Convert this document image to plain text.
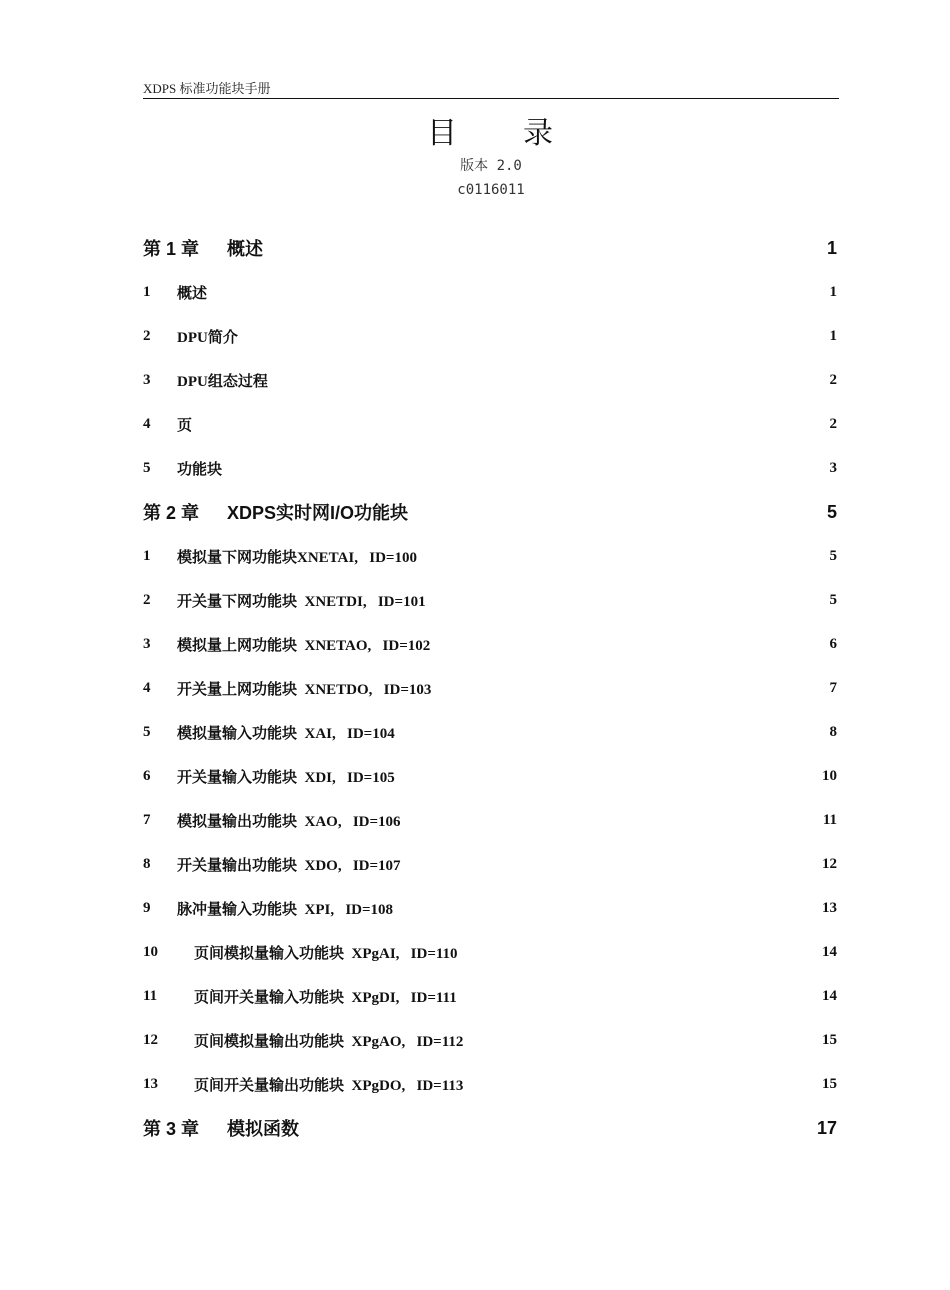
XDPS 标准功能块手册
目　　录
版本 2.0
c0116011
第 1 章	概述	1
1	概述	1
2	DPU简介	1
3	DPU组态过程	2
4	页	2
5	功能块	3
第 2 章	XDPS实时网I/O功能块	5
1	模拟量下网功能块XNETAI,   ID=100	5
2	开关量下网功能块  XNETDI,   ID=101	5
3	模拟量上网功能块  XNETAO,   ID=102	6
4	开关量上网功能块  XNETDO,   ID=103	7
5	模拟量输入功能块  XAI,   ID=104	8
6	开关量输入功能块  XDI,   ID=105	10
7	模拟量输出功能块  XAO,   ID=106	11
8	开关量输出功能块  XDO,   ID=107	12
9	脉冲量输入功能块  XPI,   ID=108	13
10	页间模拟量输入功能块  XPgAI,   ID=110	14
11	页间开关量输入功能块  XPgDI,   ID=111	14
12	页间模拟量输出功能块  XPgAO,   ID=112	15
13	页间开关量输出功能块  XPgDO,   ID=113	15
第 3 章	模拟函数	17
